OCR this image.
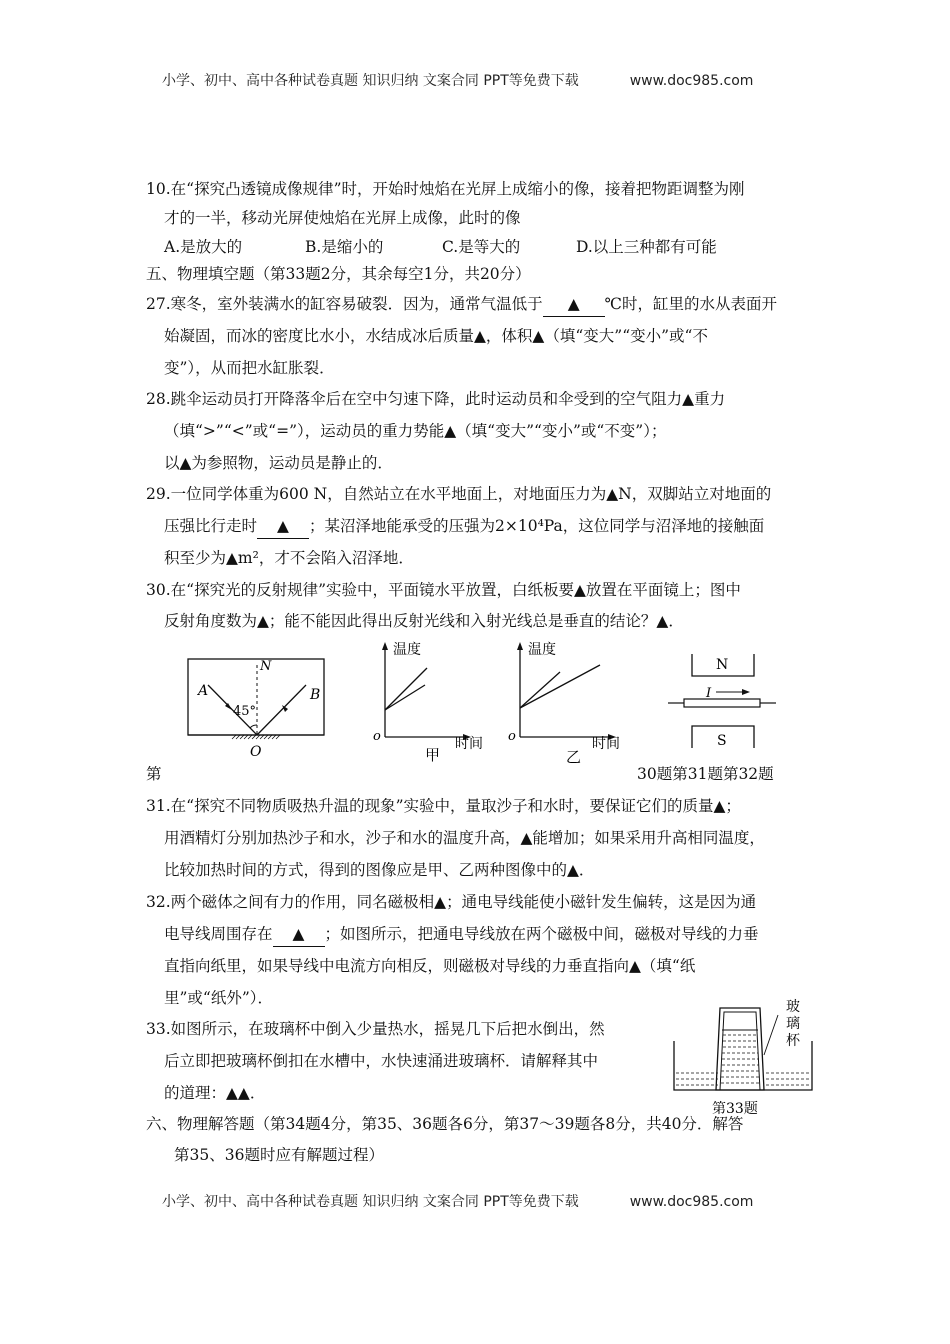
小学、初中、高中各种试卷真题 知识归纳 文案合同 PPT等免费下载	www.doc985.com
10.在“探究凸透镜成像规律”时，开始时烛焰在光屏上成缩小的像，接着把物距调整为刚
才的一半，移动光屏使烛焰在光屏上成像，此时的像
A.是放大的	B.是缩小的	C.是等大的	D.以上三种都有可能
五、物理填空题（第33题2分，其余每空1分，共20分）
27.寒冬，室外装满水的缸容易破裂．因为，通常气温低于 ▲ ℃时，缸里的水从表面开
始凝固，而冰的密度比水小，水结成冰后质量▲，体积▲（填“变大”“变小”或“不
变”），从而把水缸胀裂．
28.跳伞运动员打开降落伞后在空中匀速下降，此时运动员和伞受到的空气阻力▲重力
（填“>”“<”或“=”），运动员的重力势能▲（填“变大”“变小”或“不变”）；
以▲为参照物，运动员是静止的．
29.一位同学体重为600 N，自然站立在水平地面上，对地面压力为▲N，双脚站立对地面的
压强比行走时 ▲ ；某沼泽地能承受的压强为2×10⁴Pa，这位同学与沼泽地的接触面
积至少为▲m²，才不会陷入沼泽地．
30.在“探究光的反射规律”实验中，平面镜水平放置，白纸板要▲放置在平面镜上；图中
反射角度数为▲；能不能因此得出反射光线和入射光线总是垂直的结论？▲．
A	B
N
45°
O
温度
时间
o
甲
温度
时间
o
乙
N
S
I
第	30题第31题第32题
31.在“探究不同物质吸热升温的现象”实验中，量取沙子和水时，要保证它们的质量▲；
用酒精灯分别加热沙子和水，沙子和水的温度升高，▲能增加；如果采用升高相同温度，
比较加热时间的方式，得到的图像应是甲、乙两种图像中的▲．
32.两个磁体之间有力的作用，同名磁极相▲；通电导线能使小磁针发生偏转，这是因为通
电导线周围存在 ▲ ；如图所示，把通电导线放在两个磁极中间，磁极对导线的力垂
直指向纸里，如果导线中电流方向相反，则磁极对导线的力垂直指向▲（填“纸
里”或“纸外”）．
33.如图所示，在玻璃杯中倒入少量热水，摇晃几下后把水倒出，然
后立即把玻璃杯倒扣在水槽中，水快速涌进玻璃杯．请解释其中
的道理：▲▲．
玻
璃
杯
第33题
六、物理解答题（第34题4分，第35、36题各6分，第37～39题各8分，共40分．解答
第35、36题时应有解题过程）
小学、初中、高中各种试卷真题 知识归纳 文案合同 PPT等免费下载	www.doc985.com
